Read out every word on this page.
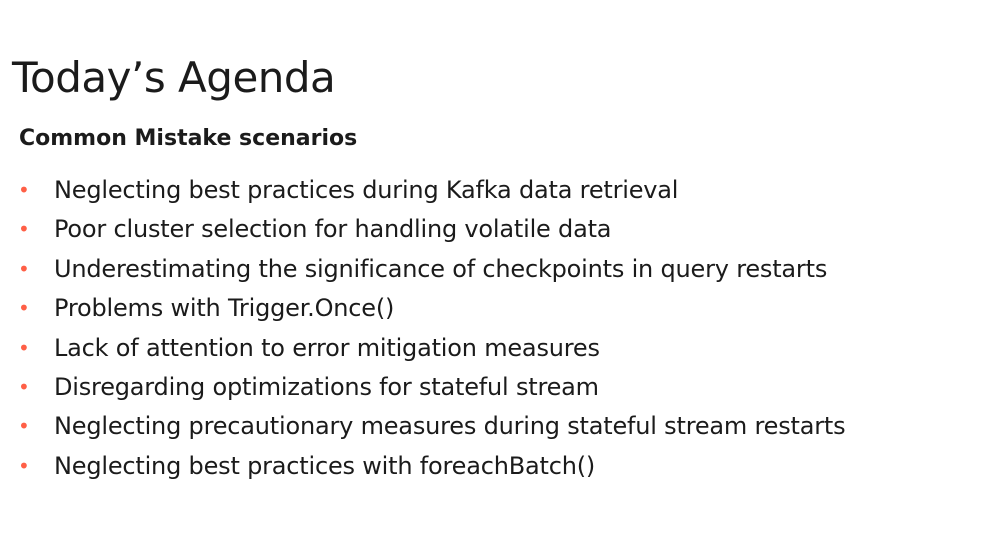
Today’s Agenda
Common Mistake scenarios
• Neglecting best practices during Kafka data retrieval
• Poor cluster selection for handling volatile data
• Underestimating the significance of checkpoints in query restarts
• Problems with Trigger.Once()
• Lack of attention to error mitigation measures
• Disregarding optimizations for stateful stream
• Neglecting precautionary measures during stateful stream restarts
• Neglecting best practices with foreachBatch()
